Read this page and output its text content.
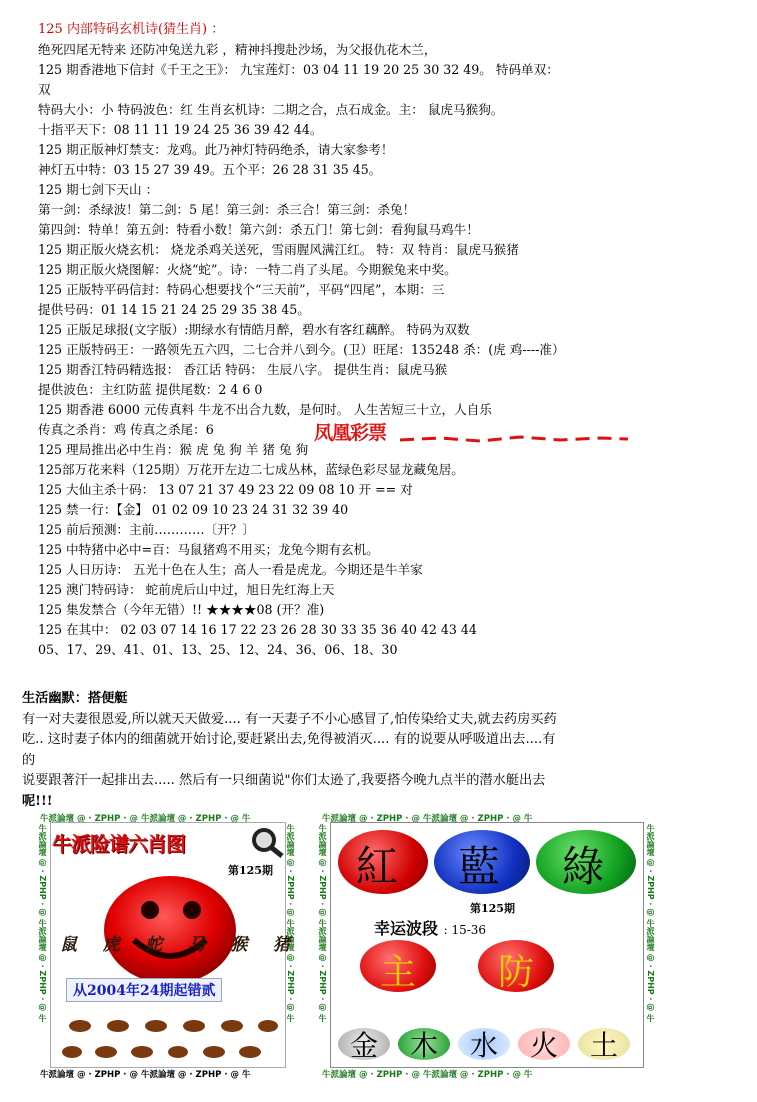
125 内部特码玄机诗(猜生肖) ：
绝死四尾无特来 还防冲兔送九彩 ，精神抖搜赴沙场，为父报仇花木兰，
125 期香港地下信封《千王之王》： 九宝莲灯：03 04 11 19 20 25 30 32 49。 特码单双：
双
特码大小：小 特码波色：红 生肖玄机诗：二期之合，点石成金。主： 鼠虎马猴狗。
十指平天下：08 11 11 19 24 25 36 39 42 44。
125 期正版神灯禁支：龙鸡。此乃神灯特码绝杀，请大家参考！
神灯五中特：03 15 27 39 49。五个平：26 28 31 35 45。
125 期七剑下天山 ：
第一剑：杀绿波！第二剑：5 尾！第三剑：杀三合！第三剑：杀兔！
第四剑：特单！第五剑：特看小数！第六剑：杀五门！第七剑：看狗鼠马鸡牛！
125 期正版火烧玄机： 烧龙杀鸡关送死，雪雨腥风满江红。 特：双 特肖：鼠虎马猴猪
125 期正版火烧图解：火烧“蛇”。诗：一特二肖了头尾。今期猴兔来中奖。
125 正版特平码信封：特码心想要找个“三天前”，平码“四尾”，本期：三
提供号码：01 14 15 21 24 25 29 35 38 45。
125 正版足球报(文字版）:期绿水有情皓月醉，碧水有客红藕醉。 特码为双数
125 正版特码王：一路领先五六四，二七合并八到今。(卫）旺尾：135248 杀：(虎 鸡----准）
125 期香江特码精选报： 香江话 特码： 生辰八字。 提供生肖：鼠虎马猴
提供波色：主红防蓝 提供尾数：2 4 6 0
125 期香港 6000 元传真料 牛龙不出合九数，是何时。 人生苦短三十立，人自乐
传真之杀肖：鸡 传真之杀尾：6
125 理局推出必中生肖：猴 虎 兔 狗 羊 猪 兔 狗
125部万花来料（125期）万花开左边二七成丛林，蓝绿色彩尽显龙藏兔居。
125 大仙主杀十码： 13 07 21 37 49 23 22 09 08 10 开 == 对
125 禁一行：【金】 01 02 09 10 23 24 31 32 39 40
125 前后预测：主前…………〔开？〕
125 中特猪中必中=百：马鼠猪鸡不用买；龙兔今期有玄机。
125 人日历诗： 五光十色在人生；高人一看是虎龙。今期还是牛羊家
125 澳门特码诗： 蛇前虎后山中过，旭日先红海上天
125 集发禁合（今年无错）!! ★★★★08 (开？准)
125 在其中： 02 03 07 14 16 17 22 23 26 28 30 33 35 36 40 42 43 44
05、17、29、41、01、13、25、12、24、36、06、18、30
凤凰彩票
生活幽默：搭便艇
有一对夫妻很恩爱,所以就天天做爱.... 有一天妻子不小心感冒了,怕传染给丈夫,就去药房买药
吃.. 这时妻子体内的细菌就开始讨论,要赶紧出去,免得被消灭.... 有的说要从呼吸道出去....有
的
说要跟著汗一起排出去..... 然后有一只细菌说"你们太逊了,我要搭今晚九点半的潜水艇出去
呢!!!
牛派論壇 @ · ZPHP · @ 牛派論壇 @ · ZPHP · @ 牛
牛派論壇 @ · ZPHP · @ 牛派論壇 @ · ZPHP · @ 牛
牛派論壇 @ · ZPHP · @ 牛派論壇 @ · ZPHP · @ 牛	牛派論壇 @ · ZPHP · @ 牛派論壇 @ · ZPHP · @ 牛
牛派险谱六肖图
第125期
鼠 虎 蛇 马 猴 猪
从2004年24期起错贰
牛派論壇 @ · ZPHP · @ 牛派論壇 @ · ZPHP · @ 牛
牛派論壇 @ · ZPHP · @ 牛派論壇 @ · ZPHP · @ 牛
牛派論壇 @ · ZPHP · @ 牛派論壇 @ · ZPHP · @ 牛	牛派論壇 @ · ZPHP · @ 牛派論壇 @ · ZPHP · @ 牛
紅 藍 綠
第125期
幸运波段 : 15-36
主 防
金 木 水 火 土
